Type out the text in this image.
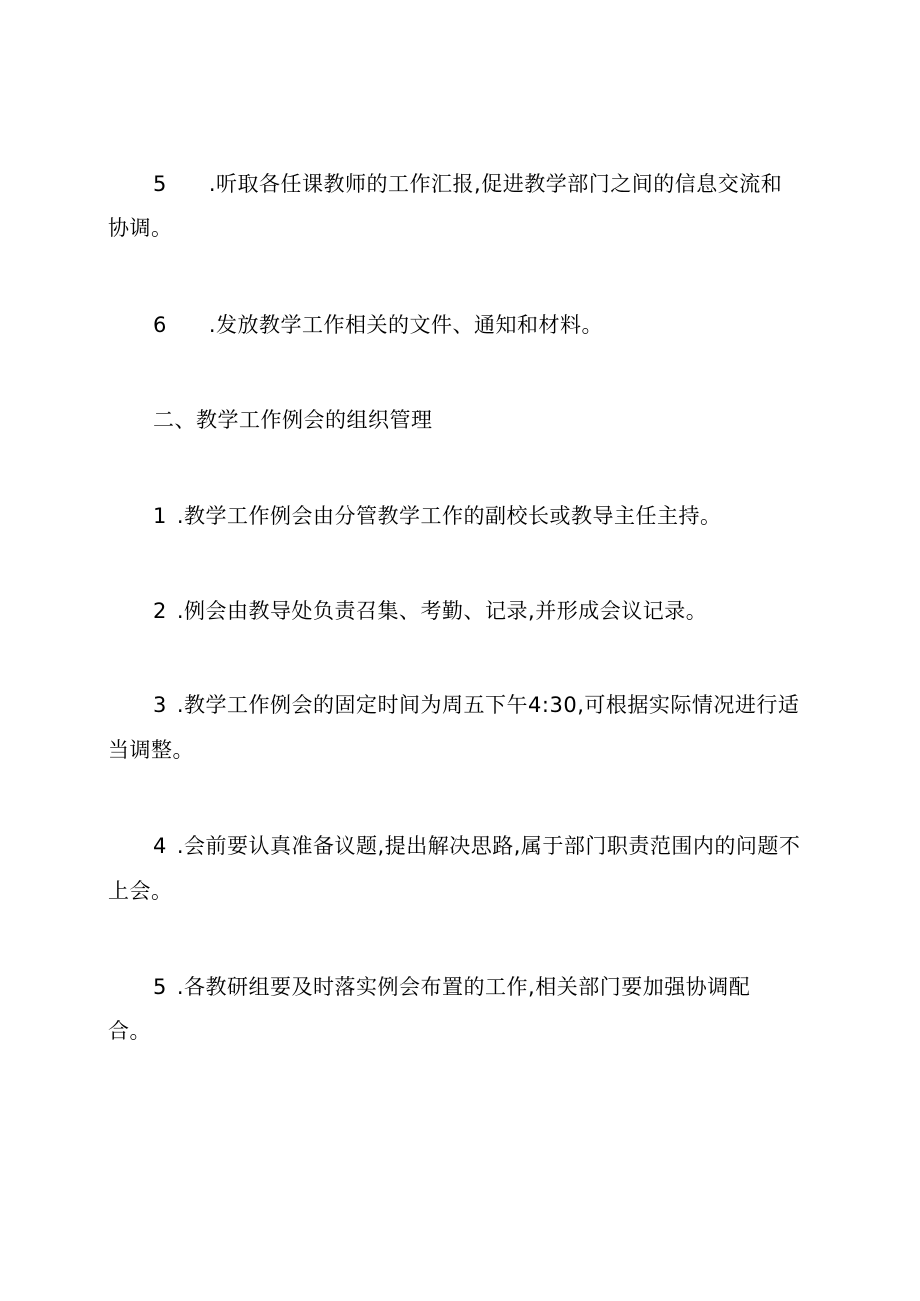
5 .听取各任课教师的工作汇报,促进教学部门之间的信息交流和
协调。
6 .发放教学工作相关的文件、通知和材料。
二、教学工作例会的组织管理
1 .教学工作例会由分管教学工作的副校长或教导主任主持。
2 .例会由教导处负责召集、考勤、记录,并形成会议记录。
3 .教学工作例会的固定时间为周五下午4:30,可根据实际情况进行适
当调整。
4 .会前要认真准备议题,提出解决思路,属于部门职责范围内的问题不
上会。
5 .各教研组要及时落实例会布置的工作,相关部门要加强协调配
合。
